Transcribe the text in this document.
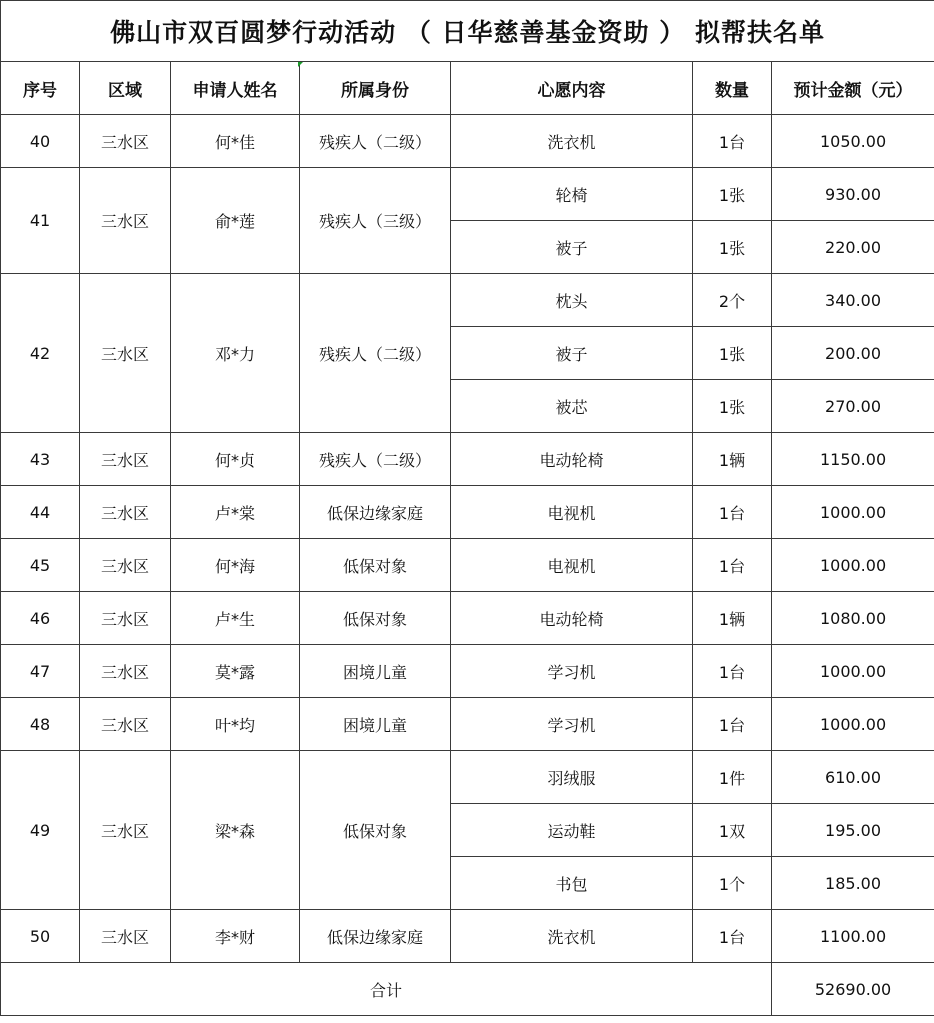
佛山市双百圆梦行动活动 （ 日华慈善基金资助 ） 拟帮扶名单						
序号	区域	申请人姓名	所属身份	心愿内容	数量	预计金额（元）
40	三水区	何*佳	残疾人（二级）	洗衣机	1台	1050.00
41	三水区	俞*莲	残疾人（三级）	轮椅	1张	930.00
				被子	1张	220.00
42	三水区	邓*力	残疾人（二级）	枕头	2个	340.00
				被子	1张	200.00
				被芯	1张	270.00
43	三水区	何*贞	残疾人（二级）	电动轮椅	1辆	1150.00
44	三水区	卢*棠	低保边缘家庭	电视机	1台	1000.00
45	三水区	何*海	低保对象	电视机	1台	1000.00
46	三水区	卢*生	低保对象	电动轮椅	1辆	1080.00
47	三水区	莫*露	困境儿童	学习机	1台	1000.00
48	三水区	叶*均	困境儿童	学习机	1台	1000.00
49	三水区	梁*森	低保对象	羽绒服	1件	610.00
				运动鞋	1双	195.00
				书包	1个	185.00
50	三水区	李*财	低保边缘家庭	洗衣机	1台	1100.00
合计						52690.00
